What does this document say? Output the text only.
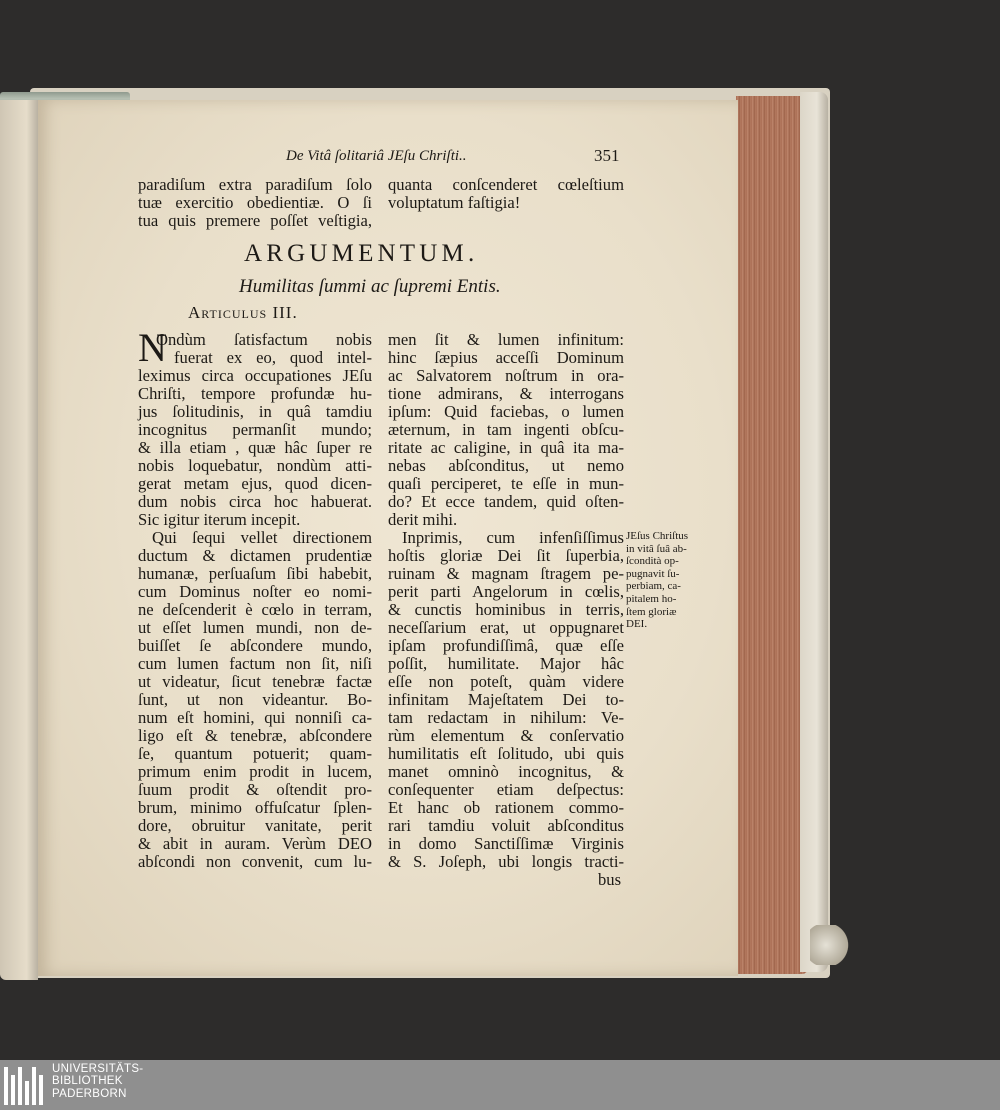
De Vitâ ſolitariâ JEſu Chriſti..	351
paradiſum extra paradiſum ſolo
tuæ exercitio obedientiæ. O ſi
tua quis premere poſſet veſtigia,
quanta conſcenderet cœleſtium
voluptatum faſtigia!
ARGUMENTUM.
Humilitas ſummi ac ſupremi Entis.
Articulus III.
N
Ondùm ſatisfactum nobis
fuerat ex eo, quod intel-
leximus circa occupationes JEſu
Chriſti, tempore profundæ hu-
jus ſolitudinis, in quâ tamdiu
incognitus permanſit mundo;
& illa etiam , quæ hâc ſuper re
nobis loquebatur, nondùm atti-
gerat metam ejus, quod dicen-
dum nobis circa hoc habuerat.
Sic igitur iterum incepit.
Qui ſequi vellet directionem
ductum & dictamen prudentiæ
humanæ, perſuaſum ſibi habebit,
cum Dominus noſter eo nomi-
ne deſcenderit è cœlo in terram,
ut eſſet lumen mundi, non de-
buiſſet ſe abſcondere mundo,
cum lumen factum non ſit, niſi
ut videatur, ſicut tenebræ factæ
ſunt, ut non videantur. Bo-
num eſt homini, qui nonniſi ca-
ligo eſt & tenebræ, abſcondere
ſe, quantum potuerit; quam-
primum enim prodit in lucem,
ſuum prodit & oſtendit pro-
brum, minimo offuſcatur ſplen-
dore, obruitur vanitate, perit
& abit in auram. Verùm DEO
abſcondi non convenit, cum lu-
men ſit & lumen infinitum:
hinc ſæpius acceſſi Dominum
ac Salvatorem noſtrum in ora-
tione admirans, & interrogans
ipſum: Quid faciebas, o lumen
æternum, in tam ingenti obſcu-
ritate ac caligine, in quâ ita ma-
nebas abſconditus, ut nemo
quaſi perciperet, te eſſe in mun-
do? Et ecce tandem, quid oſten-
derit mihi.
Inprimis, cum infenſiſſimus
hoſtis gloriæ Dei ſit ſuperbia,
ruinam & magnam ſtragem pe-
perit parti Angelorum in cœlis,
& cunctis hominibus in terris,
neceſſarium erat, ut oppugnaret
ipſam profundiſſimâ, quæ eſſe
poſſit, humilitate. Major hâc
eſſe non poteſt, quàm videre
infinitam Majeſtatem Dei to-
tam redactam in nihilum: Ve-
rùm elementum & conſervatio
humilitatis eſt ſolitudo, ubi quis
manet omninò incognitus, &
conſequenter etiam deſpectus:
Et hanc ob rationem commo-
rari tamdiu voluit abſconditus
in domo Sanctiſſimæ Virginis
& S. Joſeph, ubi longis tracti-
bus
JEſus Chriſtus
in vitâ ſuâ ab-
ſcondità op-
pugnavit ſu-
perbiam, ca-
pitalem ho-
ſtem gloriæ
DEI.
UNIVERSITÄTS-
BIBLIOTHEK
PADERBORN
